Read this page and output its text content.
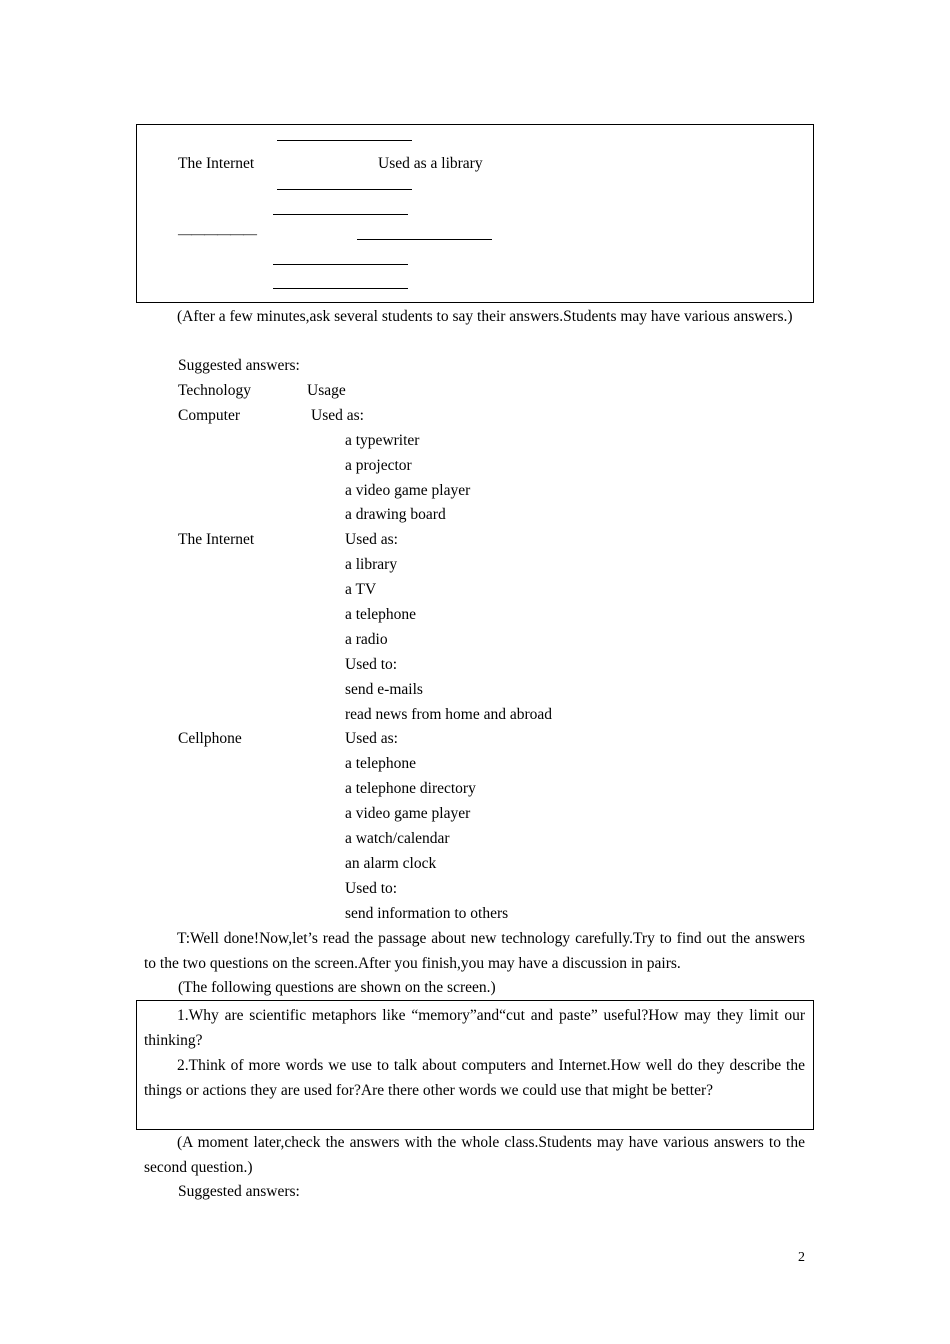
The Internet	Used as a library
——————
(After a few minutes,ask several students to say their answers.Students may have various answers.)
Suggested answers:
Technology	Usage
Computer	Used as:
a typewriter
a projector
a video game player
a drawing board
The Internet	Used as:
a library
a TV
a telephone
a radio
Used to:
send e-mails
read news from home and abroad
Cellphone	Used as:
a telephone
a telephone directory
a video game player
a watch/calendar
an alarm clock
Used to:
send information to others
T:Well done!Now,let’s read the passage about new technology carefully.Try to find out the answers to the two questions on the screen.After you finish,you may have a discussion in pairs.
(The following questions are shown on the screen.)
1.Why are scientific metaphors like “memory”and“cut and paste” useful?How may they limit our thinking?
2.Think of more words we use to talk about computers and Internet.How well do they describe the things or actions they are used for?Are there other words we could use that might be better?
(A moment later,check the answers with the whole class.Students may have various answers to the second question.)
Suggested answers:
2
